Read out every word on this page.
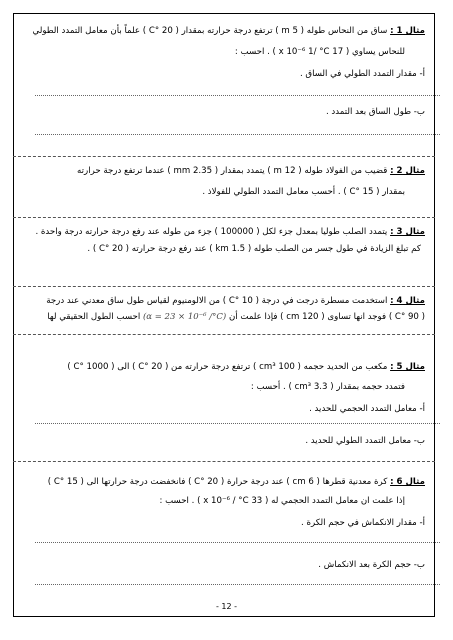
مثال 1 : ساق من النحاس طوله ( 5 m ) ترتفع درجة حرارته بمقدار ( 20 °C ) علماً بأن معامل التمدد الطولي
للنحاس يساوي ( 17 x 10⁻⁶ 1/ °C ) . احسب :
أ- مقدار التمدد الطولي في الساق .
ب- طول الساق بعد التمدد .
مثال 2 : قضيب من الفولاذ طوله ( 12 m ) يتمدد بمقدار ( 2.35 mm ) عندما ترتفع درجة حرارته
بمقدار ( 15 °C ) . أحسب معامل التمدد الطولي للفولاذ .
مثال 3 : يتمدد الصلب طوليا بمعدل جزء لكل ( 100000 ) جزء من طوله عند رفع درجة حرارته درجة واحدة .
كم تبلغ الزيادة في طول جسر من الصلب طوله ( 1.5 km ) عند رفع درجة حرارته ( 20 °C ) .
مثال 4 : استخدمت مسطرة درجت في درجة ( 10 °C ) من الالومنيوم لقياس طول ساق معدني عند درجة
( 90 °C ) فوجد انها تساوى ( 120 cm ) فإذا علمت أن (α = 23 × 10⁻⁶ /°C) احسب الطول الحقيقي لها
مثال 5 : مكعب من الحديد حجمه ( 100 cm³ ) ترتفع درجة حرارته من ( 20 °C ) الى ( 1000 °C )
فتمدد حجمه بمقدار ( 3.3 cm³ ) . أحسب :
أ- معامل التمدد الحجمي للحديد .
ب- معامل التمدد الطولي للحديد .
مثال 6 : كرة معدنية قطرها ( 6 cm ) عند درجة حرارة ( 20 °C ) فانخفضت درجة حرارتها الى ( 15 °C )
إذا علمت ان معامل التمدد الحجمي له ( 33 x 10⁻⁶ / °C ) . احسب :
أ- مقدار الانكماش في حجم الكرة .
ب- حجم الكرة بعد الانكماش .
- 12 -
